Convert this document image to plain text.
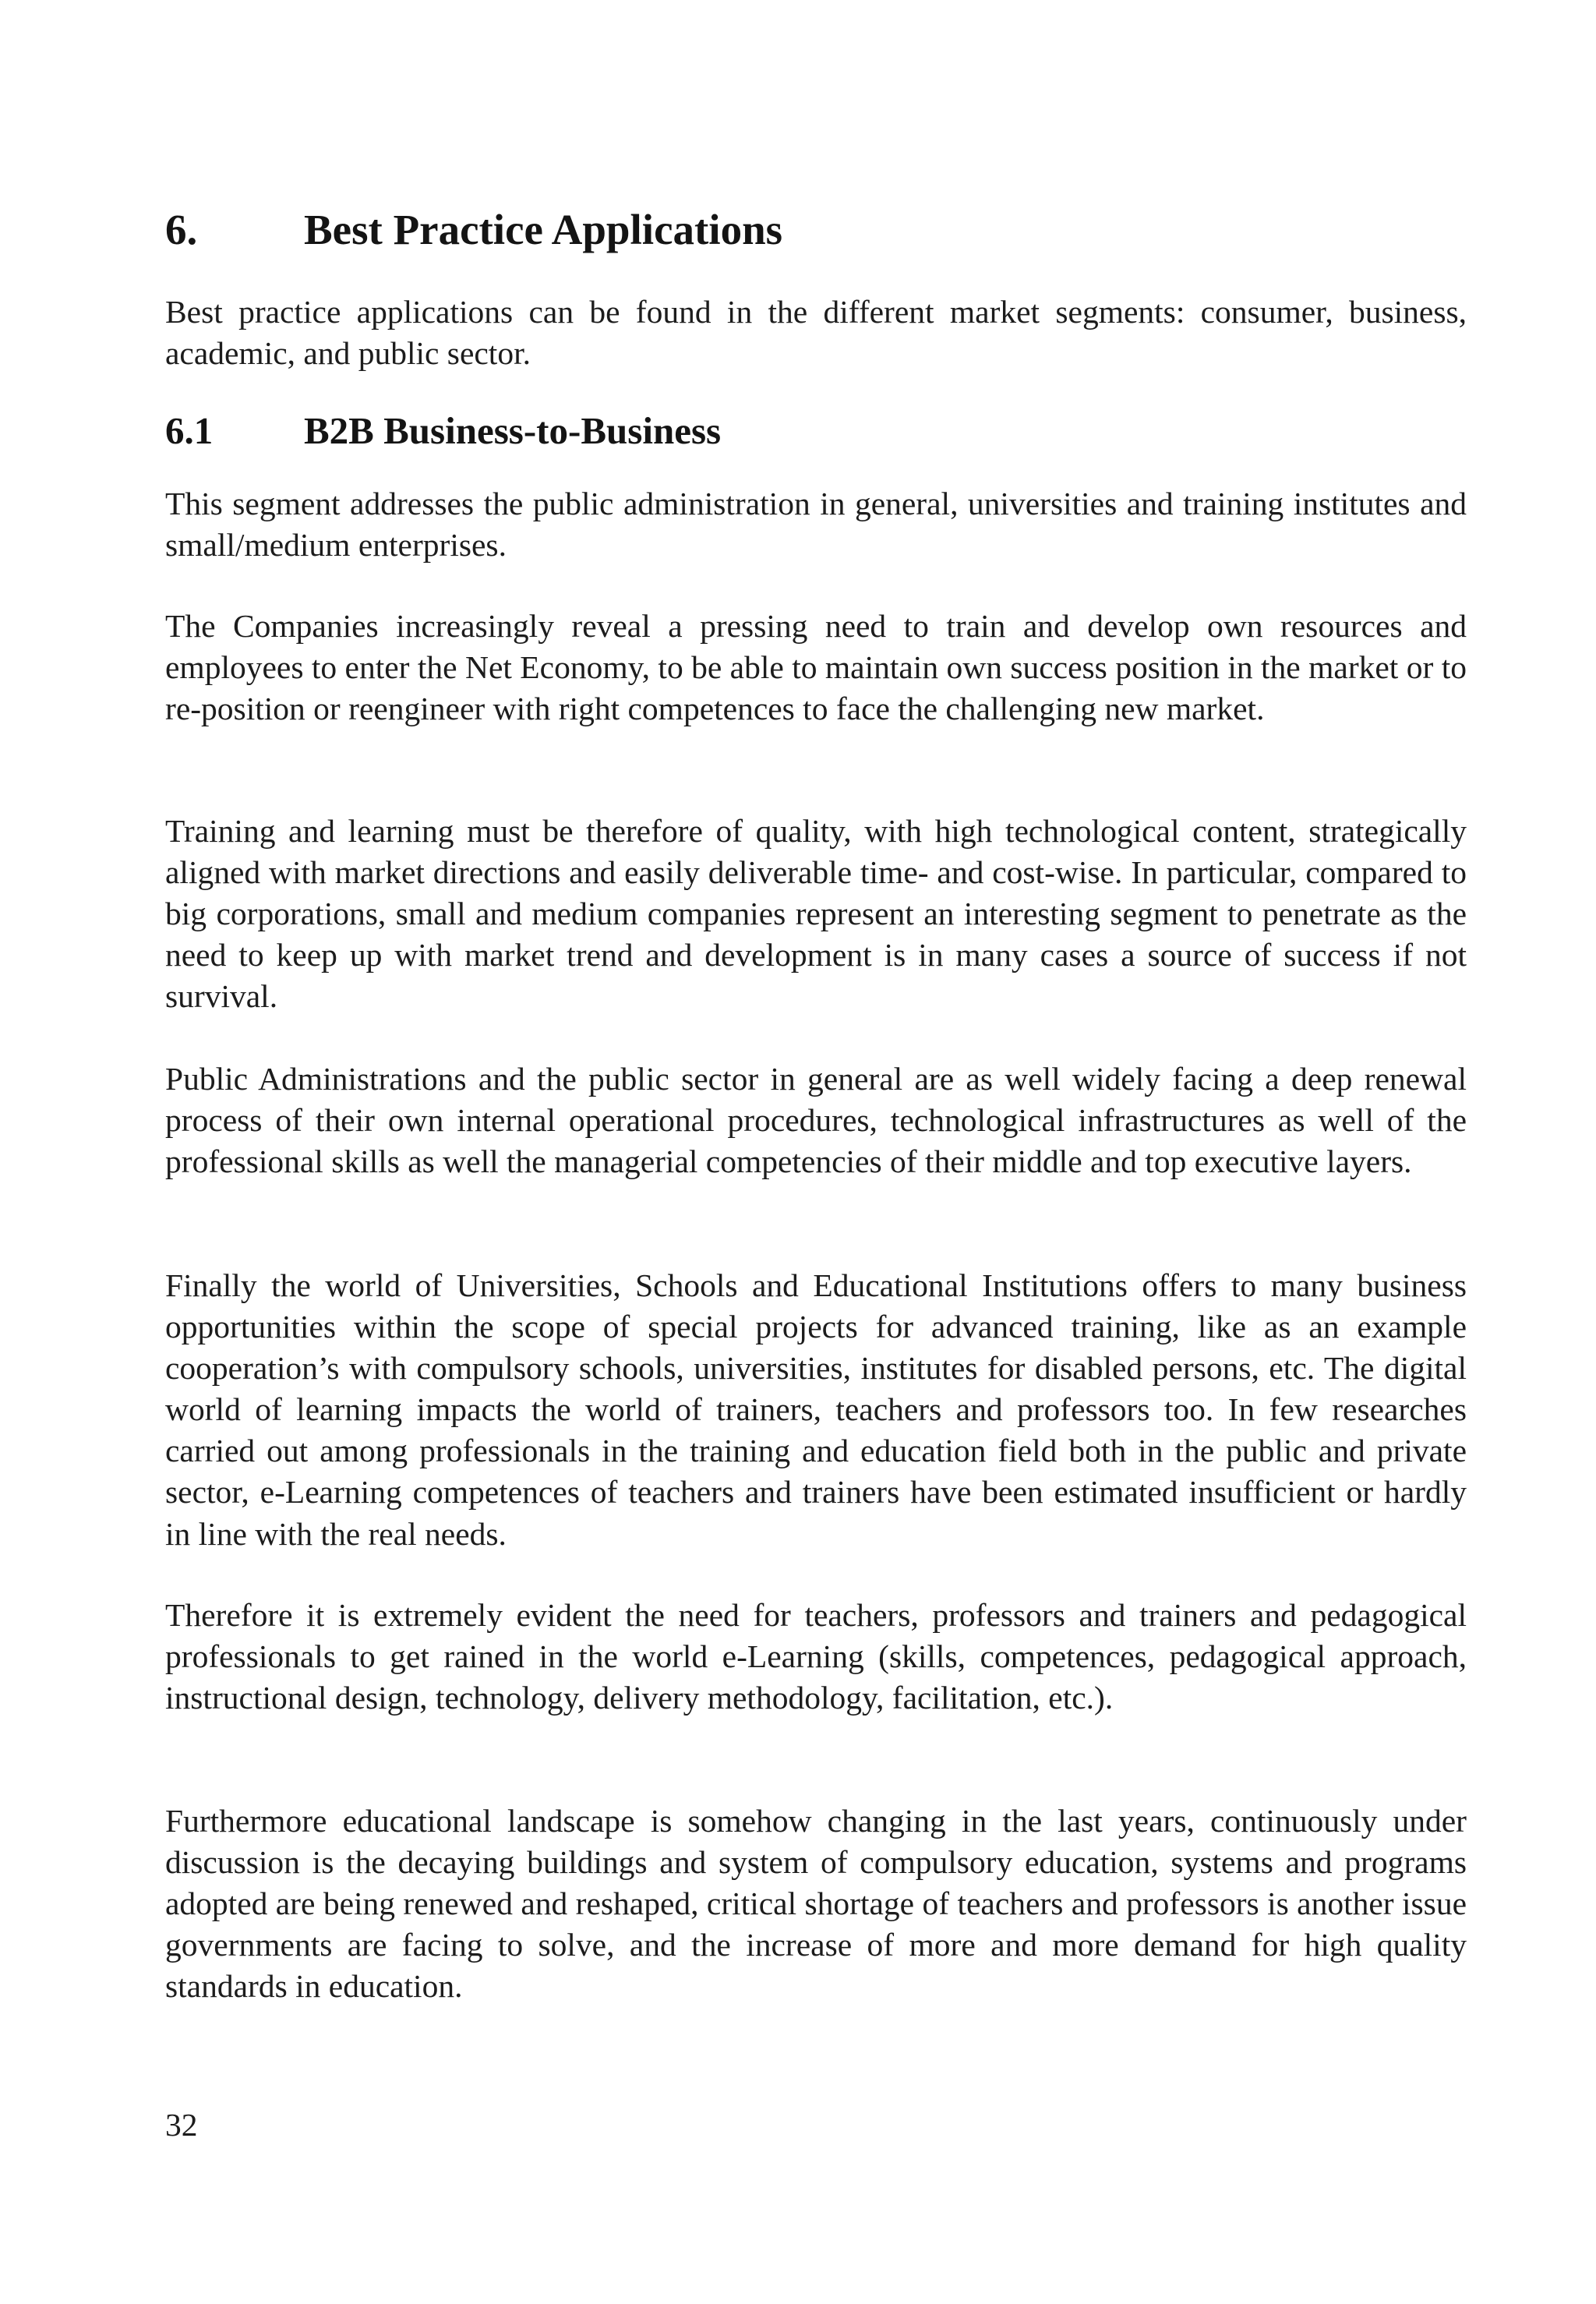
6. Best Practice Applications

Best practice applications can be found in the different market segments: consumer, business, academic, and public sector.

6.1 B2B Business-to-Business

This segment addresses the public administration in general, universities and training institutes and small/medium enterprises.

The Companies increasingly reveal a pressing need to train and develop own resources and employees to enter the Net Economy, to be able to maintain own success position in the market or to re-position or reengineer with right competences to face the challenging new market.

Training and learning must be therefore of quality, with high technological content, strategically aligned with market directions and easily deliverable time- and cost-wise. In particular, compared to big corporations, small and medium companies represent an interesting segment to penetrate as the need to keep up with market trend and development is in many cases a source of success if not survival.

Public Administrations and the public sector in general are as well widely facing a deep renewal process of their own internal operational procedures, technological infrastructures as well of the professional skills as well the managerial competencies of their middle and top executive layers.

Finally the world of Universities, Schools and Educational Institutions offers to many business opportunities within the scope of special projects for advanced training, like as an example cooperation’s with compulsory schools, universities, institutes for disabled persons, etc. The digital world of learning impacts the world of trainers, teachers and professors too. In few researches carried out among professionals in the training and education field both in the public and private sector, e-Learning competences of teachers and trainers have been estimated insufficient or hardly in line with the real needs.

Therefore it is extremely evident the need for teachers, professors and trainers and pedagogical professionals to get rained in the world e-Learning (skills, competences, pedagogical approach, instructional design, technology, delivery methodology, facilitation, etc.).

Furthermore educational landscape is somehow changing in the last years, continuously under discussion is the decaying buildings and system of compulsory education, systems and programs adopted are being renewed and reshaped, critical shortage of teachers and professors is another issue governments are facing to solve, and the increase of more and more demand for high quality standards in education.

32
